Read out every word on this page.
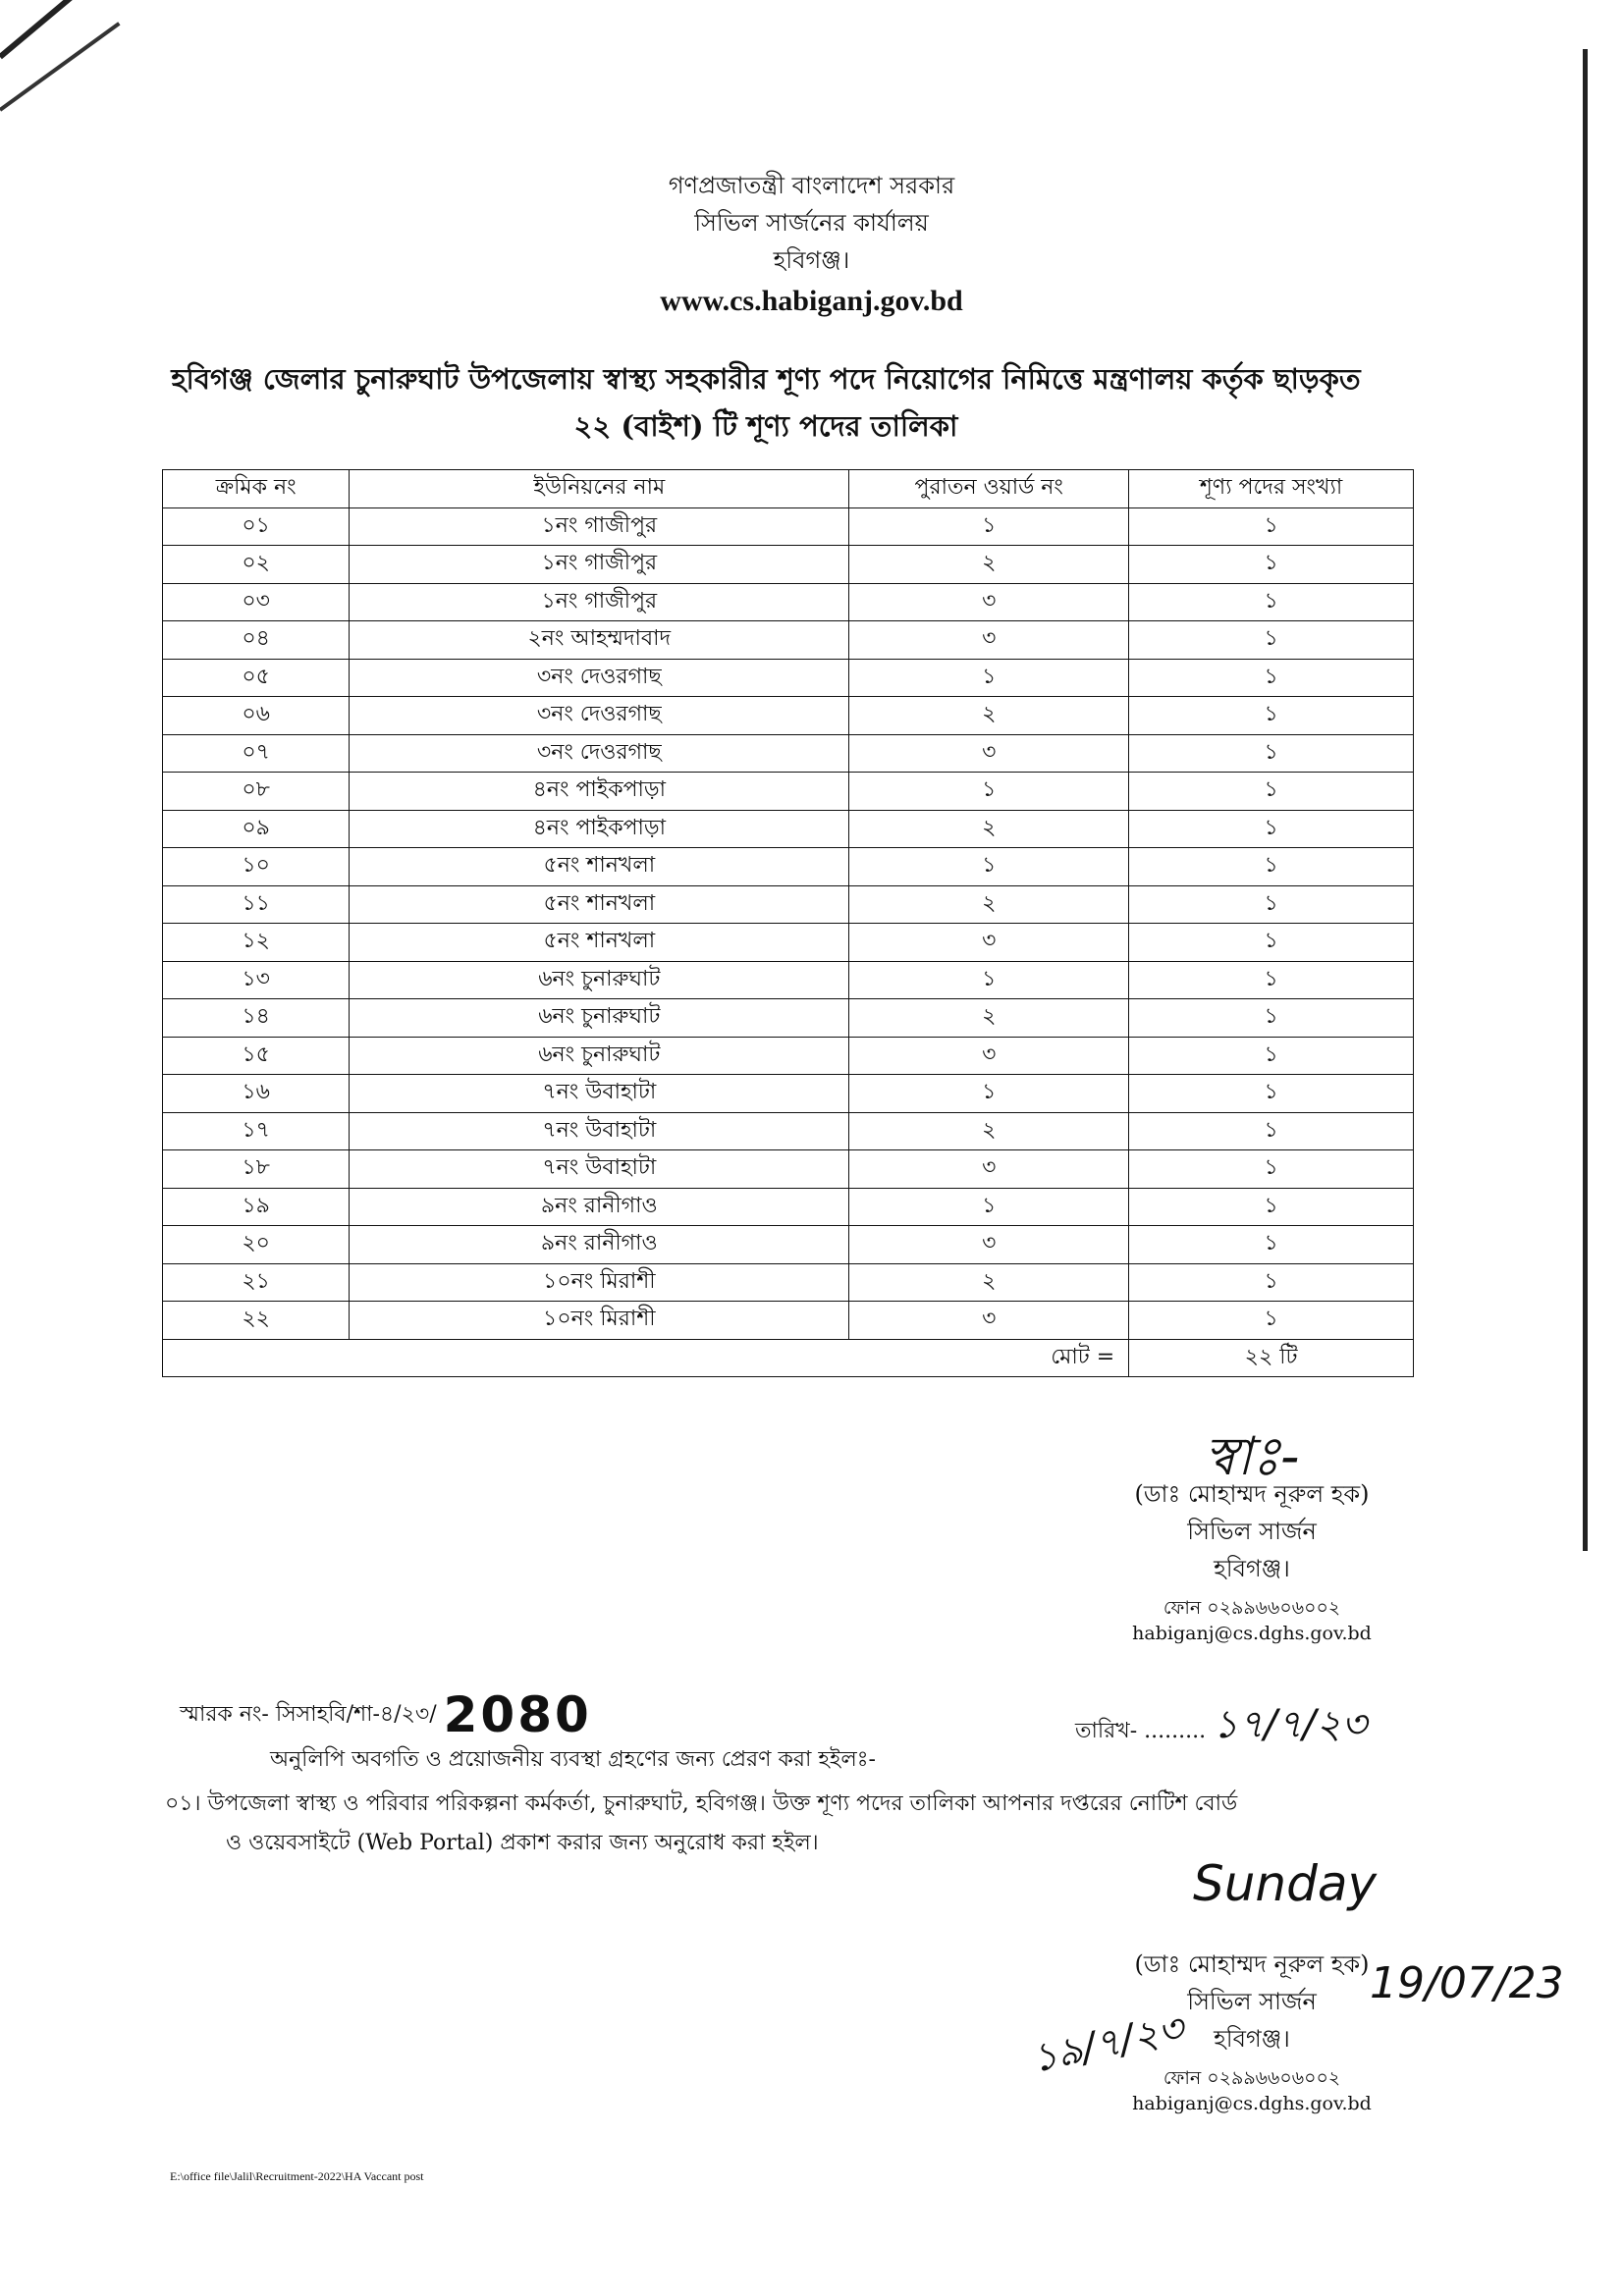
গণপ্রজাতন্ত্রী বাংলাদেশ সরকার
সিভিল সার্জনের কার্যালয়
হবিগঞ্জ।
www.cs.habiganj.gov.bd
হবিগঞ্জ জেলার চুনারুঘাট উপজেলায় স্বাস্থ্য সহকারীর শূণ্য পদে নিয়োগের নিমিত্তে মন্ত্রণালয় কর্তৃক ছাড়কৃত
২২ (বাইশ) টি শূণ্য পদের তালিকা
ক্রমিক নং	ইউনিয়নের নাম	পুরাতন ওয়ার্ড নং	শূণ্য পদের সংখ্যা
০১	১নং গাজীপুর	১	১
০২	১নং গাজীপুর	২	১
০৩	১নং গাজীপুর	৩	১
০৪	২নং আহম্মদাবাদ	৩	১
০৫	৩নং দেওরগাছ	১	১
০৬	৩নং দেওরগাছ	২	১
০৭	৩নং দেওরগাছ	৩	১
০৮	৪নং পাইকপাড়া	১	১
০৯	৪নং পাইকপাড়া	২	১
১০	৫নং শানখলা	১	১
১১	৫নং শানখলা	২	১
১২	৫নং শানখলা	৩	১
১৩	৬নং চুনারুঘাট	১	১
১৪	৬নং চুনারুঘাট	২	১
১৫	৬নং চুনারুঘাট	৩	১
১৬	৭নং উবাহাটা	১	১
১৭	৭নং উবাহাটা	২	১
১৮	৭নং উবাহাটা	৩	১
১৯	৯নং রানীগাও	১	১
২০	৯নং রানীগাও	৩	১
২১	১০নং মিরাশী	২	১
২২	১০নং মিরাশী	৩	১
মোট =			২২ টি
স্বাঃ-
(ডাঃ মোহাম্মদ নূরুল হক)
সিভিল সার্জন
হবিগঞ্জ।
ফোন ০২৯৯৬৬০৬০০২
habiganj@cs.dghs.gov.bd
স্মারক নং- সিসাহবি/শা-৪/২৩/ 2080	তারিখ- ......... ১৭/৭/২৩
অনুলিপি অবগতি ও প্রয়োজনীয় ব্যবস্থা গ্রহণের জন্য প্রেরণ করা হইলঃ-
০১। উপজেলা স্বাস্থ্য ও পরিবার পরিকল্পনা কর্মকর্তা, চুনারুঘাট, হবিগঞ্জ। উক্ত শূণ্য পদের তালিকা আপনার দপ্তরের নোটিশ বোর্ড
ও ওয়েবসাইটে (Web Portal) প্রকাশ করার জন্য অনুরোধ করা হইল।
Sunday
19/07/23
(ডাঃ মোহাম্মদ নূরুল হক)
সিভিল সার্জন
হবিগঞ্জ।
ফোন ০২৯৯৬৬০৬০০২
habiganj@cs.dghs.gov.bd
১৯/৭/২৩
E:\office file\Jalil\Recruitment-2022\HA Vaccant post
